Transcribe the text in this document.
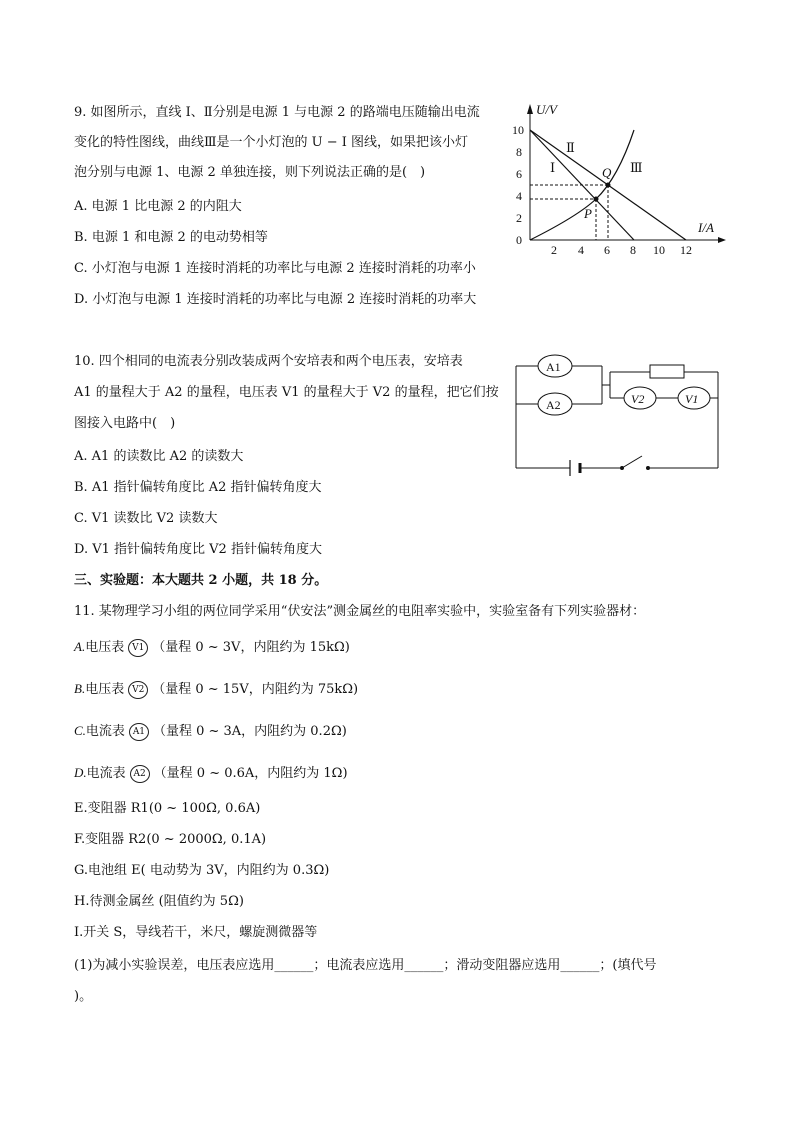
9. 如图所示，直线 I、Ⅱ分别是电源 1 与电源 2 的路端电压随输出电流
变化的特性图线，曲线Ⅲ是一个小灯泡的 U − I 图线，如果把该小灯
泡分别与电源 1、电源 2 单独连接，则下列说法正确的是(　)
A. 电源 1 比电源 2 的内阻大
B. 电源 1 和电源 2 的电动势相等
C. 小灯泡与电源 1 连接时消耗的功率比与电源 2 连接时消耗的功率小
D. 小灯泡与电源 1 连接时消耗的功率比与电源 2 连接时消耗的功率大
U/V
I/A
0
2
4
6
8
10
2 4 6 8 10 12
Q
P
Ⅰ
Ⅱ
Ⅲ
10. 四个相同的电流表分别改装成两个安培表和两个电压表，安培表
A1 的量程大于 A2 的量程，电压表 V1 的量程大于 V2 的量程，把它们按
图接入电路中(　)
A. A1 的读数比 A2 的读数大
B. A1 指针偏转角度比 A2 指针偏转角度大
C. V1 读数比 V2 读数大
D. V1 指针偏转角度比 V2 指针偏转角度大
A1
A2	V2	V1
三、实验题：本大题共 2 小题，共 18 分。
11. 某物理学习小组的两位同学采用“伏安法”测金属丝的电阻率实验中，实验室备有下列实验器材：
A.电压表 V1 （量程 0 ~ 3V，内阻约为 15kΩ)
B.电压表 V2 （量程 0 ~ 15V，内阻约为 75kΩ)
C.电流表 A1 （量程 0 ~ 3A，内阻约为 0.2Ω)
D.电流表 A2 （量程 0 ~ 0.6A，内阻约为 1Ω)
E.变阻器 R1(0 ~ 100Ω, 0.6A)
F.变阻器 R2(0 ~ 2000Ω, 0.1A)
G.电池组 E( 电动势为 3V，内阻约为 0.3Ω)
H.待测金属丝 (阻值约为 5Ω)
I.开关 S，导线若干，米尺，螺旋测微器等
(1)为减小实验误差，电压表应选用______；电流表应选用______；滑动变阻器应选用______；(填代号
)。
